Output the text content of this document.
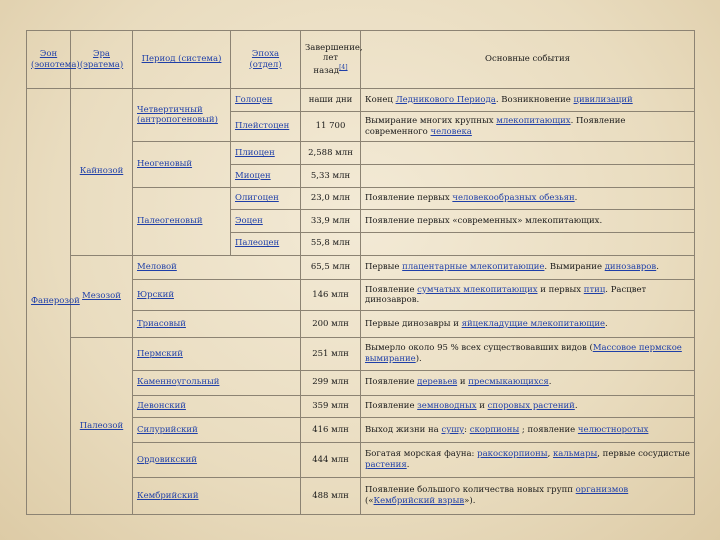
Эон (эонотема)	Эра (эратема)	Период (система)	Эпоха (отдел)	Завершение, лет назад[4]	Основные события
Фанерозой	Кайнозой	Четвертичный (антропогеновый)	Голоцен	наши дни	Конец Ледникового Периода. Возникновение цивилизаций
			Плейстоцен	11 700	Вымирание многих крупных млекопитающих. Появление современного человека
		Неогеновый	Плиоцен	2,588 млн	
			Миоцен	5,33 млн	
		Палеогеновый	Олигоцен	23,0 млн	Появление первых человекообразных обезьян.
			Эоцен	33,9 млн	Появление первых «современных» млекопитающих.
			Палеоцен	55,8 млн	
	Мезозой	Меловой		65,5 млн	Первые плацентарные млекопитающие. Вымирание динозавров.
		Юрский		146 млн	Появление сумчатых млекопитающих и первых птиц. Расцвет динозавров.
		Триасовый		200 млн	Первые динозавры и яйцекладущие млекопитающие.
	Палеозой	Пермский		251 млн	Вымерло около 95 % всех существовавших видов (Массовое пермское вымирание).
		Каменноугольный		299 млн	Появление деревьев и пресмыкающихся.
		Девонский		359 млн	Появление земноводных и споровых растений.
		Силурийский		416 млн	Выход жизни на сушу: скорпионы ; появление челюстноротых
		Ордовикский		444 млн	Богатая морская фауна: ракоскорпионы, кальмары, первые сосудистые растения.
		Кембрийский		488 млн	Появление большого количества новых групп организмов («Кембрийский взрыв»).
